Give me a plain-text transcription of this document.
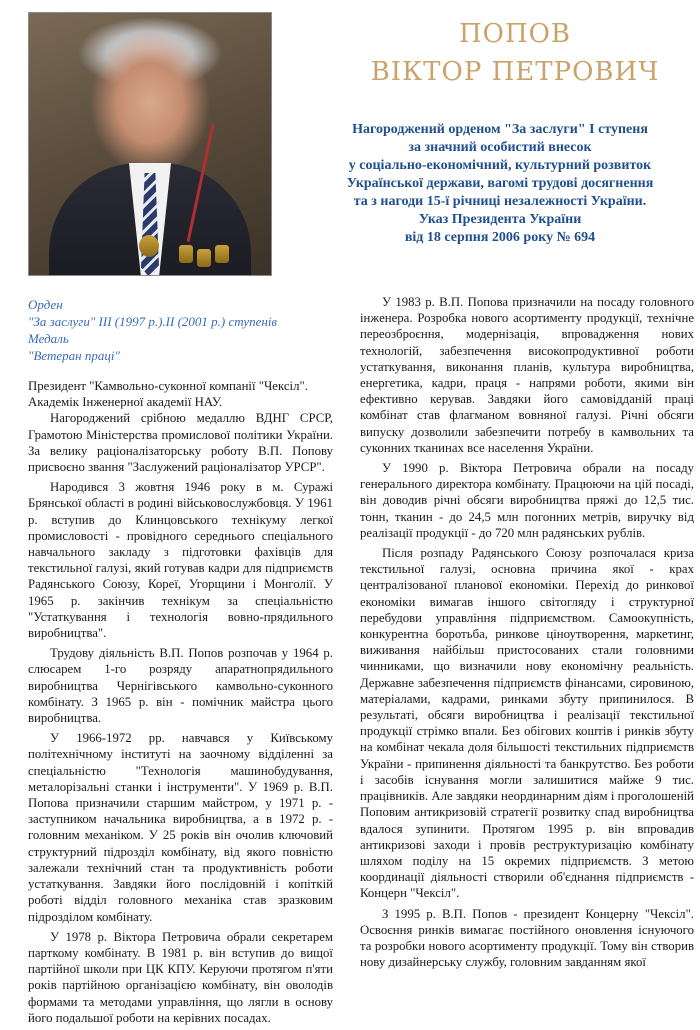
ПОПОВ
ВІКТОР ПЕТРОВИЧ
Нагороджений орденом "За заслуги" І ступеня
за значний особистий внесок
у соціально-економічний, культурний розвиток
Української держави, вагомі трудові досягнення
та з нагоди 15-ї річниці незалежності України.
Указ Президента України
від 18 серпня 2006 року № 694
Орден
"За заслуги" ІІІ (1997 р.).ІІ (2001 р.) ступенів
Медаль
"Ветеран праці"

Президент "Камвольно-суконної компанії "Чексіл".

Академік Інженерної академії НАУ.

Нагороджений срібною медаллю ВДНГ СРСР, Грамотою Міністерства промислової політики України. За велику раціоналізаторську роботу В.П. Попову присвоєно звання "Заслужений раціоналізатор УРСР".

Народився 3 жовтня 1946 року в м. Суражі Брянської області в родині військовослужбовця. У 1961 р. вступив до Клинцовського технікуму легкої промисловості - провідного середнього спеціального навчального закладу з підготовки фахівців для текстильної галузі, який готував кадри для підприємств Радянського Союзу, Кореї, Угорщини і Монголії. У 1965 р. закінчив технікум за спеціальністю "Устаткування і технологія вовно-прядильного виробництва".

Трудову діяльність В.П. Попов розпочав у 1964 р. слюсарем 1-го розряду апаратнопрядильного виробництва Чернігівського камвольно-суконного комбінату. З 1965 р. він - помічник майстра цього виробництва.

У 1966-1972 рр. навчався у Київському політехнічному інституті на заочному відділенні за спеціальністю "Технологія машинобудування, металорізальні станки і інструменти". У 1969 р. В.П. Попова призначили старшим майстром, у 1971 р. - заступником начальника виробництва, а в 1972 р. - головним механіком. У 25 років він очолив ключовий структурний підрозділ комбінату, від якого повністю залежали технічний стан та продуктивність роботи устаткування. Завдяки його послідовній і копіткій роботі відділ головного механіка став зразковим підрозділом комбінату.

У 1978 р. Віктора Петровича обрали секретарем парткому комбінату. В 1981 р. він вступив до вищої партійної школи при ЦК КПУ. Керуючи протягом п'яти років партійною організацією комбінату, він оволодів формами та методами управління, що лягли в основу його подальшої роботи на керівних посадах.

У 1983 р. В.П. Попова призначили на посаду головного інженера. Розробка нового асортименту продукції, технічне переозброєння, модернізація, впровадження нових технологій, забезпечення високопродуктивної роботи устаткування, виконання планів, культура виробництва, енергетика, кадри, праця - напрями роботи, якими він ефективно керував. Завдяки його самовідданій праці комбінат став флагманом вовняної галузі. Річні обсяги випуску дозволили забезпечити потребу в камвольних та суконних тканинах все населення України.

У 1990 р. Віктора Петровича обрали на посаду генерального директора комбінату. Працюючи на цій посаді, він доводив річні обсяги виробництва пряжі до 12,5 тис. тонн, тканин - до 24,5 млн погонних метрів, виручку від реалізації продукції - до 720 млн радянських рублів.

Після розпаду Радянського Союзу розпочалася криза текстильної галузі, основна причина якої - крах централізованої планової економіки. Перехід до ринкової економіки вимагав іншого світогляду і структурної перебудови управління підприємством. Самоокупність, конкурентна боротьба, ринкове ціноутворення, маркетинг, виживання найбільш пристосованих стали головними чинниками, що визначили нову економічну реальність. Державне забезпечення підприємств фінансами, сировиною, матеріалами, кадрами, ринками збуту припинилося. В результаті, обсяги виробництва і реалізації текстильної продукції стрімко впали. Без обігових коштів і ринків збуту на комбінат чекала доля більшості текстильних підприємств України - припинення діяльності та банкрутство. Без роботи і засобів існування могли залишитися майже 9 тис. працівників. Але завдяки неординарним діям і проголошеній Поповим антикризовій стратегії розвитку спад виробництва вдалося зупинити. Протягом 1995 р. він впровадив антикризові заходи і провів реструктуризацію комбінату шляхом поділу на 15 окремих підприємств. З метою координації діяльності створили об'єднання підприємств - Концерн "Чексіл".

З 1995 р. В.П. Попов - президент Концерну "Чексіл". Освоєння ринків вимагає постійного оновлення існуючого та розробки нового асортименту продукції. Тому він створив нову дизайнерську службу, головним завданням якої
